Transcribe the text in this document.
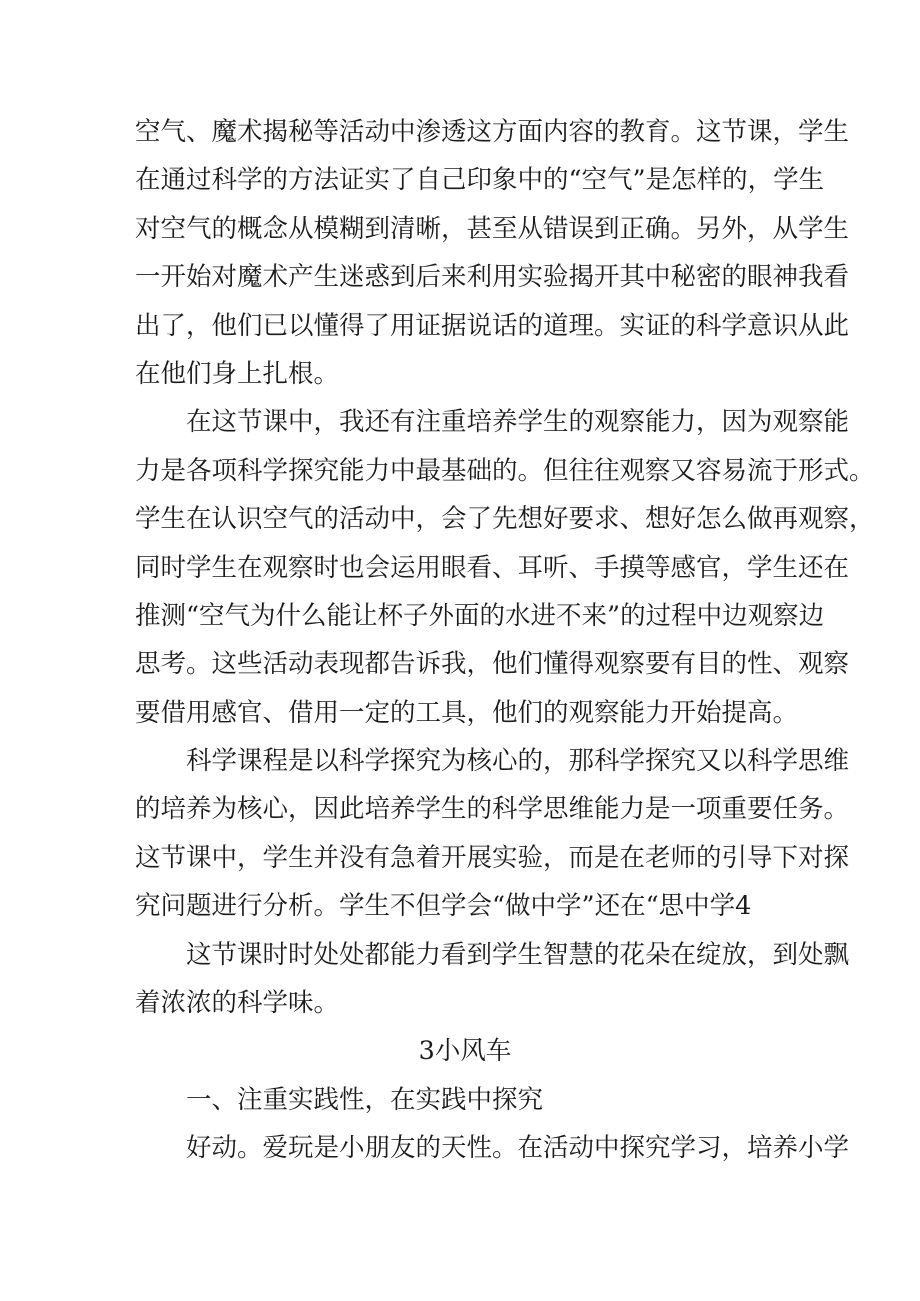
空气、魔术揭秘等活动中渗透这方面内容的教育。这节课，学生
在通过科学的方法证实了自己印象中的“空气”是怎样的，学生
对空气的概念从模糊到清晰，甚至从错误到正确。另外，从学生
一开始对魔术产生迷惑到后来利用实验揭开其中秘密的眼神我看
出了，他们已以懂得了用证据说话的道理。实证的科学意识从此
在他们身上扎根。
在这节课中，我还有注重培养学生的观察能力，因为观察能
力是各项科学探究能力中最基础的。但往往观察又容易流于形式。
学生在认识空气的活动中，会了先想好要求、想好怎么做再观察，
同时学生在观察时也会运用眼看、耳听、手摸等感官，学生还在
推测“空气为什么能让杯子外面的水进不来”的过程中边观察边
思考。这些活动表现都告诉我，他们懂得观察要有目的性、观察
要借用感官、借用一定的工具，他们的观察能力开始提高。
科学课程是以科学探究为核心的，那科学探究又以科学思维
的培养为核心，因此培养学生的科学思维能力是一项重要任务。
这节课中，学生并没有急着开展实验，而是在老师的引导下对探
究问题进行分析。学生不但学会“做中学”还在“思中学4
这节课时时处处都能力看到学生智慧的花朵在绽放，到处飘
着浓浓的科学味。
3小风车
一、注重实践性，在实践中探究
好动。爱玩是小朋友的天性。在活动中探究学习，培养小学
